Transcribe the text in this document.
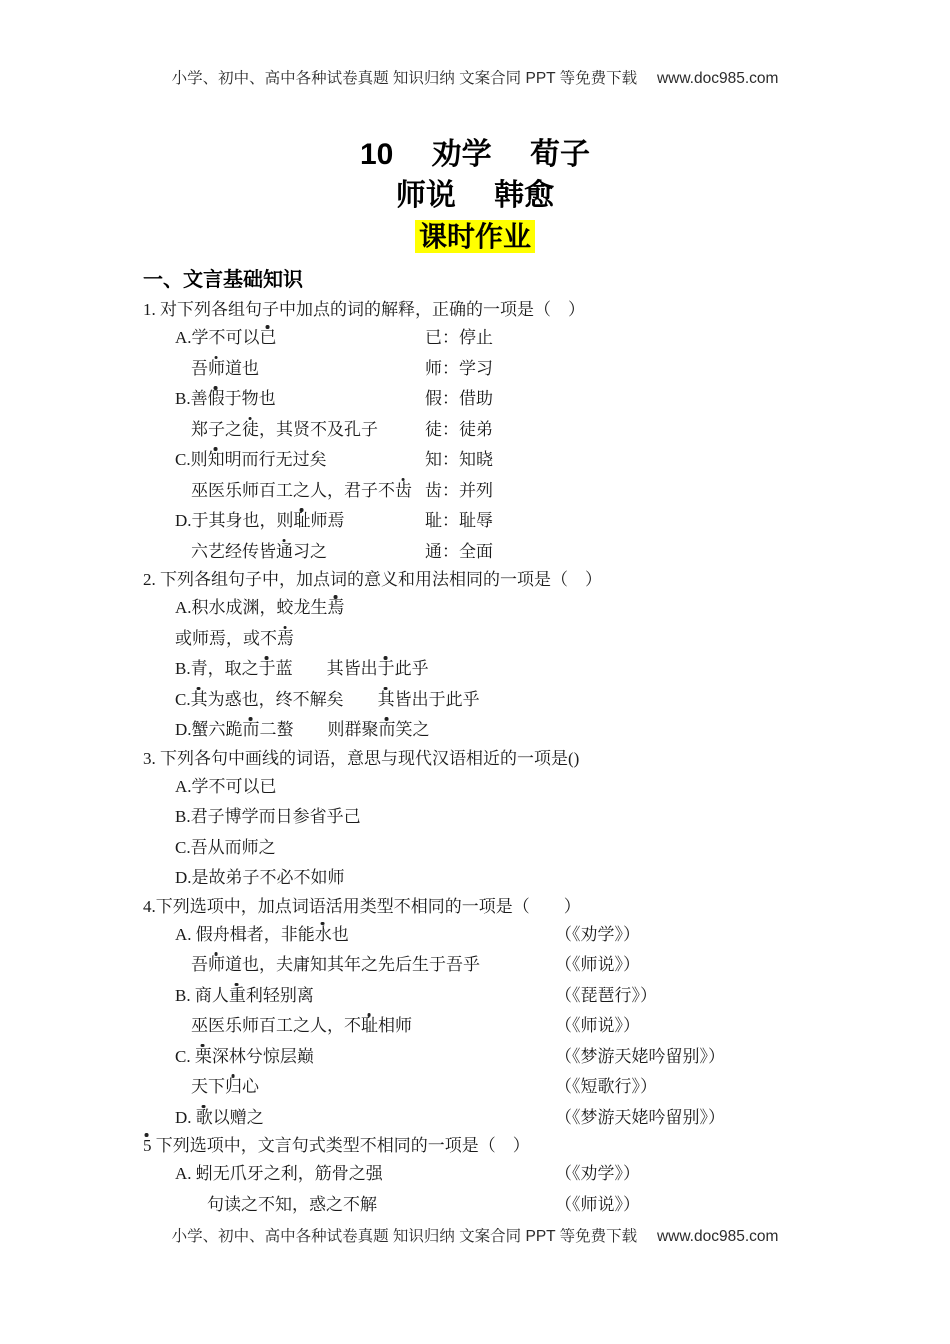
小学、初中、高中各种试卷真题 知识归纳 文案合同 PPT 等免费下载　 www.doc985.com
10　 劝学　 荀子
师说　 韩愈
课时作业
一、文言基础知识
1. 对下列各组句子中加点的词的解释，正确的一项是（　）
A.学不可以已	已：停止
吾师道也	师：学习
B.善假于物也	假：借助
郑子之徒，其贤不及孔子	徒：徒弟
C.则知明而行无过矣	知：知晓
巫医乐师百工之人，君子不齿 齿：并列
D.于其身也，则耻师焉	耻：耻辱
六艺经传皆通习之	通：全面
2. 下列各组句子中，加点词的意义和用法相同的一项是（　）
A.积水成渊，蛟龙生焉
或师焉，或不焉
B.青，取之于蓝　　其皆出于此乎
C.其为惑也，终不解矣　　其皆出于此乎
D.蟹六跪而二螯　　则群聚而笑之
3. 下列各句中画线的词语，意思与现代汉语相近的一项是()
A.学不可以已
B.君子博学而日参省乎己
C.吾从而师之
D.是故弟子不必不如师
4.下列选项中，加点词语活用类型不相同的一项是（　　）
A. 假舟楫者，非能水也	（《劝学》）
吾师道也，夫庸知其年之先后生于吾乎	（《师说》）
B. 商人重利轻别离	（《琵琶行》）
巫医乐师百工之人，不耻相师	（《师说》）
C. 栗深林兮惊层巅	（《梦游天姥吟留别》）
天下归心	（《短歌行》）
D. 歌以赠之	（《梦游天姥吟留别》）
5 下列选项中，文言句式类型不相同的一项是（　）
A. 蚓无爪牙之利，筋骨之强	（《劝学》）
句读之不知，惑之不解	（《师说》）
小学、初中、高中各种试卷真题 知识归纳 文案合同 PPT 等免费下载　 www.doc985.com
